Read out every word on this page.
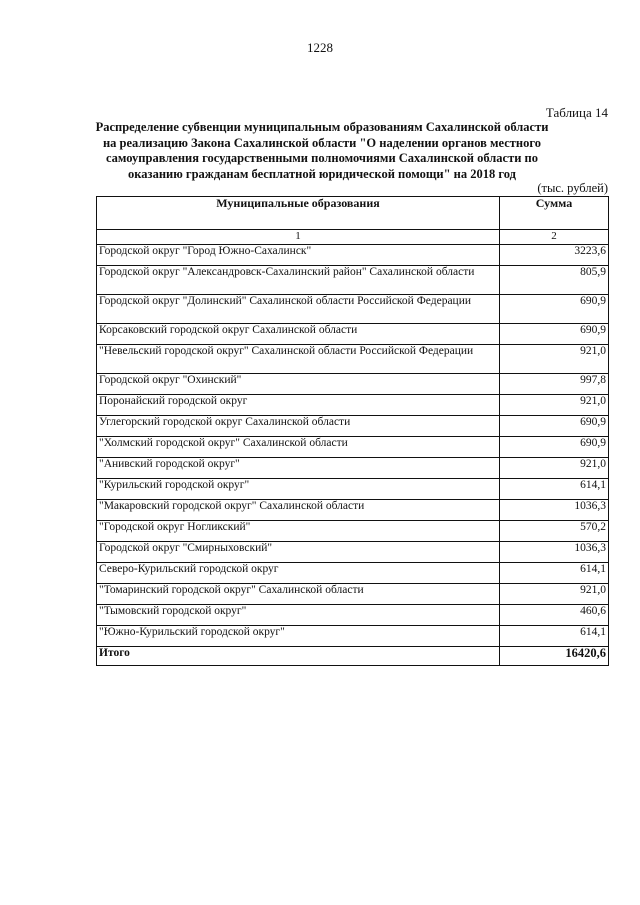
1228
Таблица 14
Распределение субвенции муниципальным образованиям Сахалинской области на реализацию Закона Сахалинской области "О наделении органов местного самоуправления государственными полномочиями Сахалинской области по оказанию гражданам бесплатной юридической помощи" на 2018 год
(тыс. рублей)
Муниципальные образования	Сумма
1	2
Городской округ "Город Южно-Сахалинск"	3223,6
Городской округ "Александровск-Сахалинский район" Сахалинской области	805,9
Городской округ "Долинский" Сахалинской области Российской Федерации	690,9
Корсаковский городской округ Сахалинской области	690,9
"Невельский городской округ" Сахалинской области Российской Федерации	921,0
Городской округ "Охинский"	997,8
Поронайский городской округ	921,0
Углегорский городской округ Сахалинской области	690,9
"Холмский городской округ" Сахалинской области	690,9
"Анивский городской округ"	921,0
"Курильский городской округ"	614,1
"Макаровский городской округ" Сахалинской области	1036,3
"Городской округ Ногликский"	570,2
Городской округ "Смирныховский"	1036,3
Северо-Курильский городской округ	614,1
"Томаринский городской округ" Сахалинской области	921,0
"Тымовский городской округ"	460,6
"Южно-Курильский городской округ"	614,1
Итого	16420,6
